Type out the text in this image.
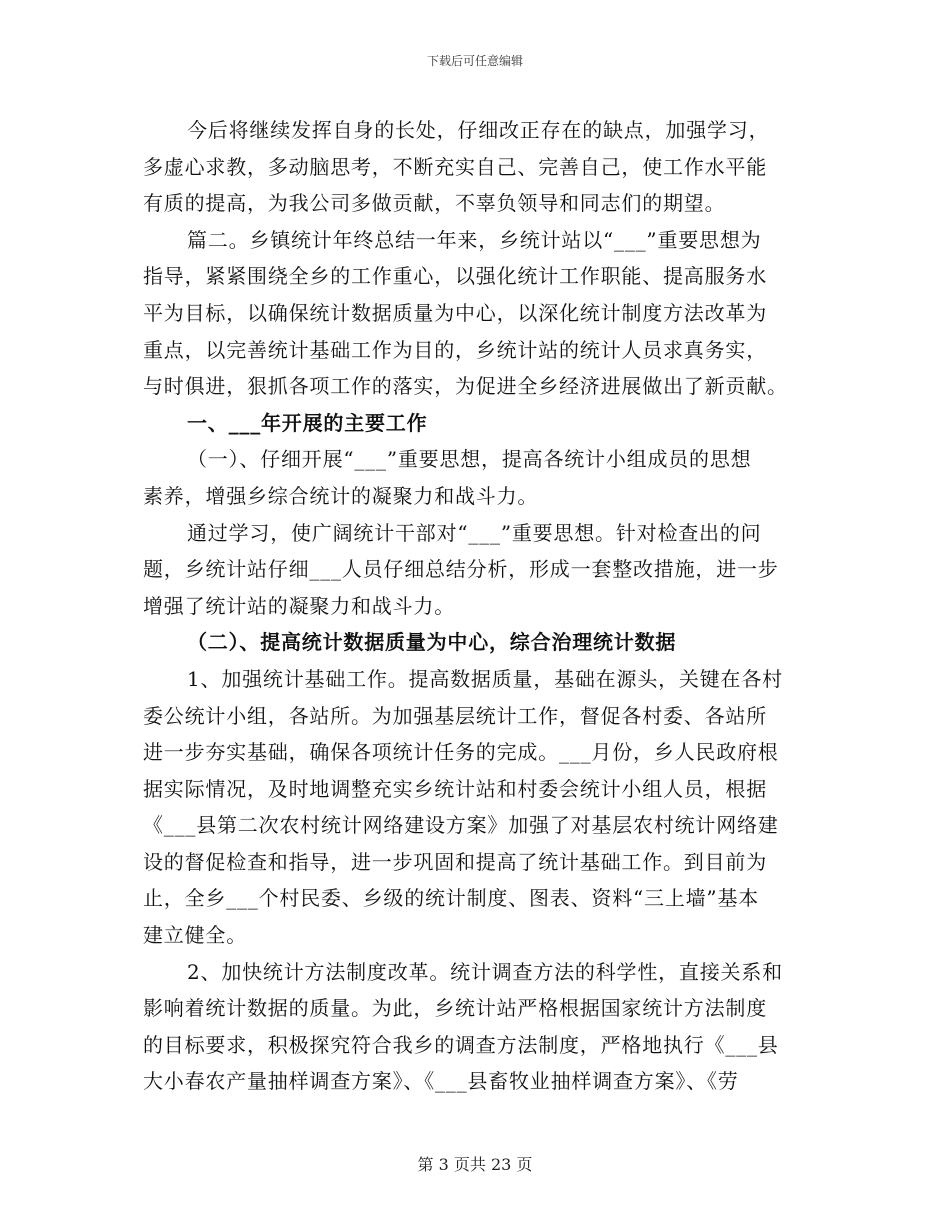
下载后可任意编辑
今后将继续发挥自身的长处，仔细改正存在的缺点，加强学习，
多虚心求教，多动脑思考，不断充实自己、完善自己，使工作水平能
有质的提高，为我公司多做贡献，不辜负领导和同志们的期望。
篇二。乡镇统计年终总结一年来，乡统计站以“___”重要思想为
指导，紧紧围绕全乡的工作重心，以强化统计工作职能、提高服务水
平为目标，以确保统计数据质量为中心，以深化统计制度方法改革为
重点，以完善统计基础工作为目的，乡统计站的统计人员求真务实，
与时俱进，狠抓各项工作的落实，为促进全乡经济进展做出了新贡献。
一、___年开展的主要工作
（一）、仔细开展“___”重要思想，提高各统计小组成员的思想
素养，增强乡综合统计的凝聚力和战斗力。
通过学习，使广阔统计干部对“___”重要思想。针对检查出的问
题，乡统计站仔细___人员仔细总结分析，形成一套整改措施，进一步
增强了统计站的凝聚力和战斗力。
（二）、提高统计数据质量为中心，综合治理统计数据
1、加强统计基础工作。提高数据质量，基础在源头，关键在各村
委公统计小组，各站所。为加强基层统计工作，督促各村委、各站所
进一步夯实基础，确保各项统计任务的完成。___月份，乡人民政府根
据实际情况，及时地调整充实乡统计站和村委会统计小组人员，根据
《___县第二次农村统计网络建设方案》加强了对基层农村统计网络建
设的督促检查和指导，进一步巩固和提高了统计基础工作。到目前为
止，全乡___个村民委、乡级的统计制度、图表、资料“三上墙”基本
建立健全。
2、加快统计方法制度改革。统计调查方法的科学性，直接关系和
影响着统计数据的质量。为此，乡统计站严格根据国家统计方法制度
的目标要求，积极探究符合我乡的调查方法制度，严格地执行《___县
大小春农产量抽样调查方案》、《___县畜牧业抽样调查方案》、《劳
第 3 页共 23 页
